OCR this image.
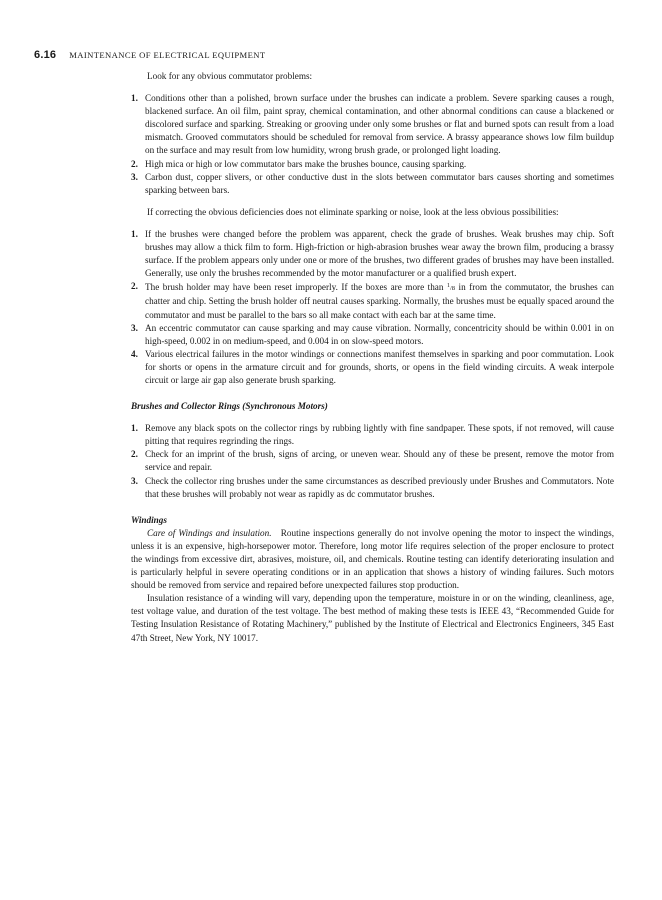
6.16 MAINTENANCE OF ELECTRICAL EQUIPMENT

Look for any obvious commutator problems:

1. Conditions other than a polished, brown surface under the brushes can indicate a problem. Severe sparking causes a rough, blackened surface. An oil film, paint spray, chemical contamination, and other abnormal conditions can cause a blackened or discolored surface and sparking. Streaking or grooving under only some brushes or flat and burned spots can result from a load mismatch. Grooved commutators should be scheduled for removal from service. A brassy appearance shows low film buildup on the surface and may result from low humidity, wrong brush grade, or prolonged light loading.
2. High mica or high or low commutator bars make the brushes bounce, causing sparking.
3. Carbon dust, copper slivers, or other conductive dust in the slots between commutator bars causes shorting and sometimes sparking between bars.

If correcting the obvious deficiencies does not eliminate sparking or noise, look at the less obvious possibilities:

1. If the brushes were changed before the problem was apparent, check the grade of brushes. Weak brushes may chip. Soft brushes may allow a thick film to form. High-friction or high-abrasion brushes wear away the brown film, producing a brassy surface. If the problem appears only under one or more of the brushes, two different grades of brushes may have been installed. Generally, use only the brushes recommended by the motor manufacturer or a qualified brush expert.
2. The brush holder may have been reset improperly. If the boxes are more than $^1$/8 in from the commutator, the brushes can chatter and chip. Setting the brush holder off neutral causes sparking. Normally, the brushes must be equally spaced around the commutator and must be parallel to the bars so all make contact with each bar at the same time.
3. An eccentric commutator can cause sparking and may cause vibration. Normally, concentricity should be within 0.001 in on high-speed, 0.002 in on medium-speed, and 0.004 in on slow-speed motors.
4. Various electrical failures in the motor windings or connections manifest themselves in sparking and poor commutation. Look for shorts or opens in the armature circuit and for grounds, shorts, or opens in the field winding circuits. A weak interpole circuit or large air gap also generate brush sparking.

Brushes and Collector Rings (Synchronous Motors)

1. Remove any black spots on the collector rings by rubbing lightly with fine sandpaper. These spots, if not removed, will cause pitting that requires regrinding the rings.
2. Check for an imprint of the brush, signs of arcing, or uneven wear. Should any of these be present, remove the motor from service and repair.
3. Check the collector ring brushes under the same circumstances as described previously under Brushes and Commutators. Note that these brushes will probably not wear as rapidly as dc commutator brushes.

Windings

Care of Windings and insulation. Routine inspections generally do not involve opening the motor to inspect the windings, unless it is an expensive, high-horsepower motor. Therefore, long motor life requires selection of the proper enclosure to protect the windings from excessive dirt, abrasives, moisture, oil, and chemicals. Routine testing can identify deteriorating insulation and is particularly helpful in severe operating conditions or in an application that shows a history of winding failures. Such motors should be removed from service and repaired before unexpected failures stop production.

Insulation resistance of a winding will vary, depending upon the temperature, moisture in or on the winding, cleanliness, age, test voltage value, and duration of the test voltage. The best method of making these tests is IEEE 43, “Recommended Guide for Testing Insulation Resistance of Rotating Machinery,” published by the Institute of Electrical and Electronics Engineers, 345 East 47th Street, New York, NY 10017.
